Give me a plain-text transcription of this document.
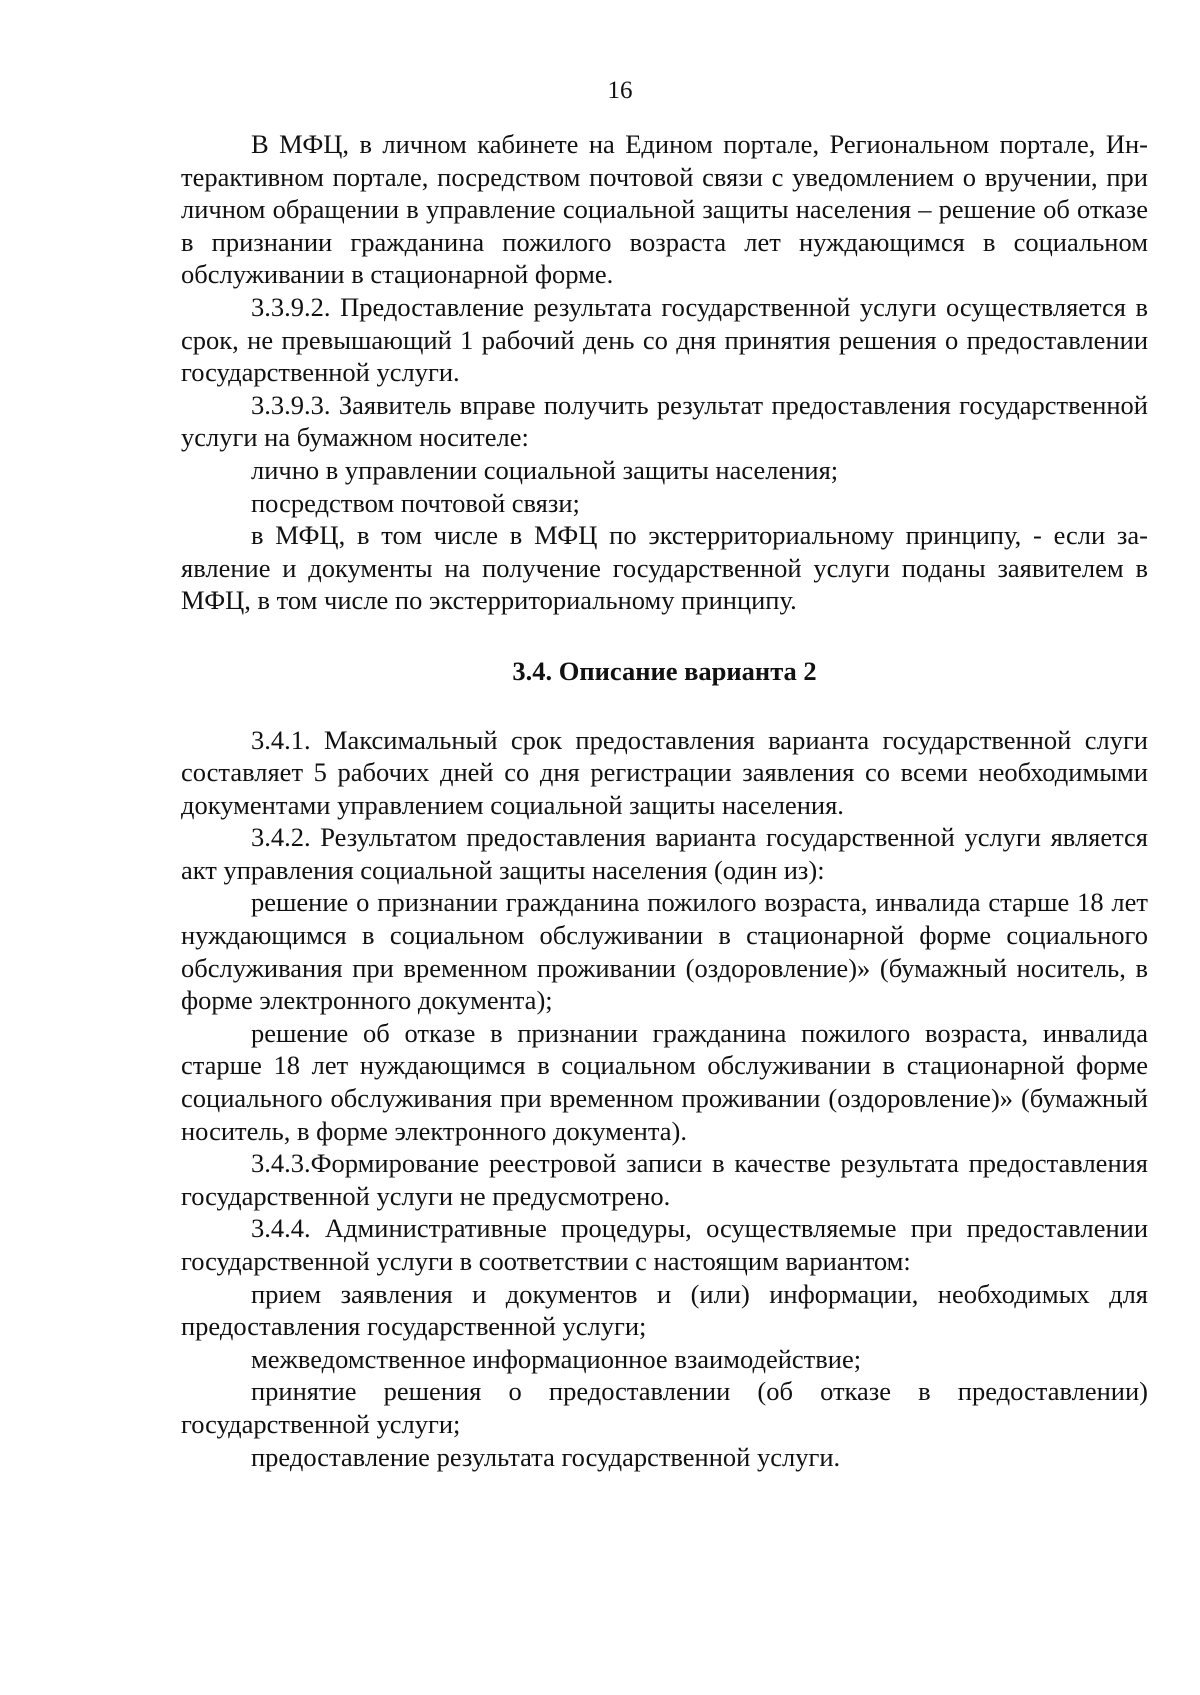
16

В МФЦ, в личном кабинете на Едином портале, Региональном портале, Интерактивном портале, посредством почтовой связи с уведомлением о вручении, при личном обращении в управление социальной защиты населения – решение об отказе в признании гражданина пожилого возраста лет нуждающимся в социальном обслуживании в стационарной форме.

3.3.9.2. Предоставление результата государственной услуги осуществляется в срок, не превышающий 1 рабочий день со дня принятия решения о предоставлении государственной услуги.

3.3.9.3. Заявитель вправе получить результат предоставления государственной услуги на бумажном носителе:

лично в управлении социальной защиты населения;

посредством почтовой связи;

в МФЦ, в том числе в МФЦ по экстерриториальному принципу, - если заявление и документы на получение государственной услуги поданы заявителем в МФЦ, в том числе по экстерриториальному принципу.

3.4. Описание варианта 2

3.4.1. Максимальный срок предоставления варианта государственной слуги составляет 5 рабочих дней со дня регистрации заявления со всеми необходимыми документами управлением социальной защиты населения.

3.4.2. Результатом предоставления варианта государственной услуги является акт управления социальной защиты населения (один из):

решение о признании гражданина пожилого возраста, инвалида старше 18 лет нуждающимся в социальном обслуживании в стационарной форме социального обслуживания при временном проживании (оздоровление)» (бумажный носитель, в форме электронного документа);

решение об отказе в признании гражданина пожилого возраста, инвалида старше 18 лет нуждающимся в социальном обслуживании в стационарной форме социального обслуживания при временном проживании (оздоровление)» (бумажный носитель, в форме электронного документа).

3.4.3.Формирование реестровой записи в качестве результата предоставления государственной услуги не предусмотрено.

3.4.4. Административные процедуры, осуществляемые при предоставлении государственной услуги в соответствии с настоящим вариантом:

прием заявления и документов и (или) информации, необходимых для предоставления государственной услуги;

межведомственное информационное взаимодействие;

принятие решения о предоставлении (об отказе в предоставлении) государственной услуги;

предоставление результата государственной услуги.
